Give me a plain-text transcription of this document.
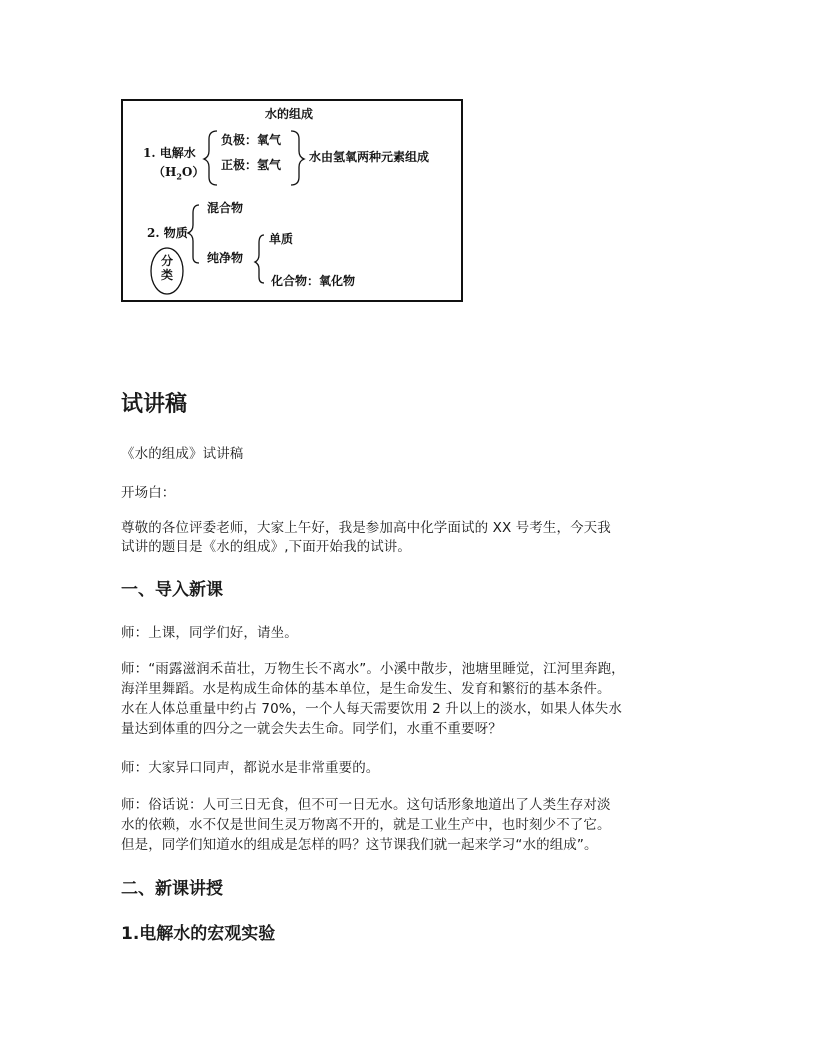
水的组成
1. 电解水
$(H_2O)$
负极：氧气
正极：氢气
水由氢氧两种元素组成
2. 物质
分
类
混合物
纯净物
单质
化合物：氧化物
试讲稿

《水的组成》试讲稿

开场白：

尊敬的各位评委老师，大家上午好，我是参加高中化学面试的 XX 号考生，今天我

试讲的题目是《水的组成》,下面开始我的试讲。

一、导入新课

师：上课，同学们好，请坐。

师：“雨露滋润禾苗壮，万物生长不离水”。小溪中散步，池塘里睡觉，江河里奔跑，

海洋里舞蹈。水是构成生命体的基本单位，是生命发生、发育和繁衍的基本条件。

水在人体总重量中约占 70%，一个人每天需要饮用 2 升以上的淡水，如果人体失水

量达到体重的四分之一就会失去生命。同学们，水重不重要呀？

师：大家异口同声，都说水是非常重要的。

师：俗话说：人可三日无食，但不可一日无水。这句话形象地道出了人类生存对淡

水的依赖，水不仅是世间生灵万物离不开的，就是工业生产中，也时刻少不了它。

但是，同学们知道水的组成是怎样的吗？这节课我们就一起来学习“水的组成”。

二、新课讲授
1.电解水的宏观实验
